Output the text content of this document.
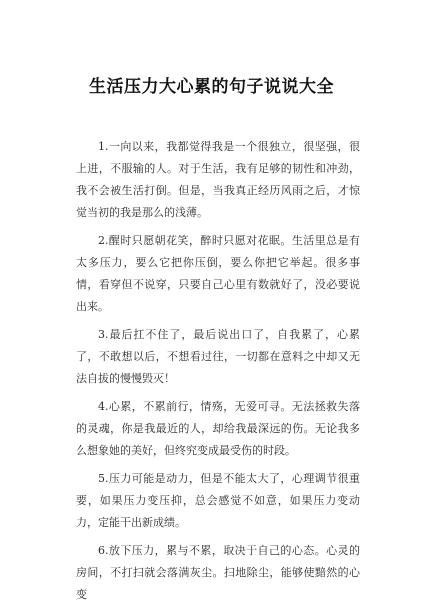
生活压力大心累的句子说说大全

1.一向以来，我都觉得我是一个很独立，很坚强，很上进，不服输的人。对于生活，我有足够的韧性和冲劲，我不会被生活打倒。但是，当我真正经历风雨之后，才惊觉当初的我是那么的浅薄。

2.醒时只愿朝花笑，醉时只愿对花眠。生活里总是有太多压力，要么它把你压倒，要么你把它举起。很多事情，看穿但不说穿，只要自己心里有数就好了，没必要说出来。

3.最后扛不住了，最后说出口了，自我累了，心累了，不敢想以后，不想看过往，一切都在意料之中却又无法自拔的慢慢毁灭！

4.心累，不累前行，情殇，无爱可寻。无法拯救失落的灵魂，你是我最近的人，却给我最深远的伤。无论我多么想象她的美好，但终究变成最受伤的时段。

5.压力可能是动力，但是不能太大了，心理调节很重要，如果压力变压抑，总会感觉不如意，如果压力变动力，定能干出新成绩。

6.放下压力，累与不累，取决于自己的心态。心灵的房间，不打扫就会落满灰尘。扫地除尘，能够使黯然的心变
